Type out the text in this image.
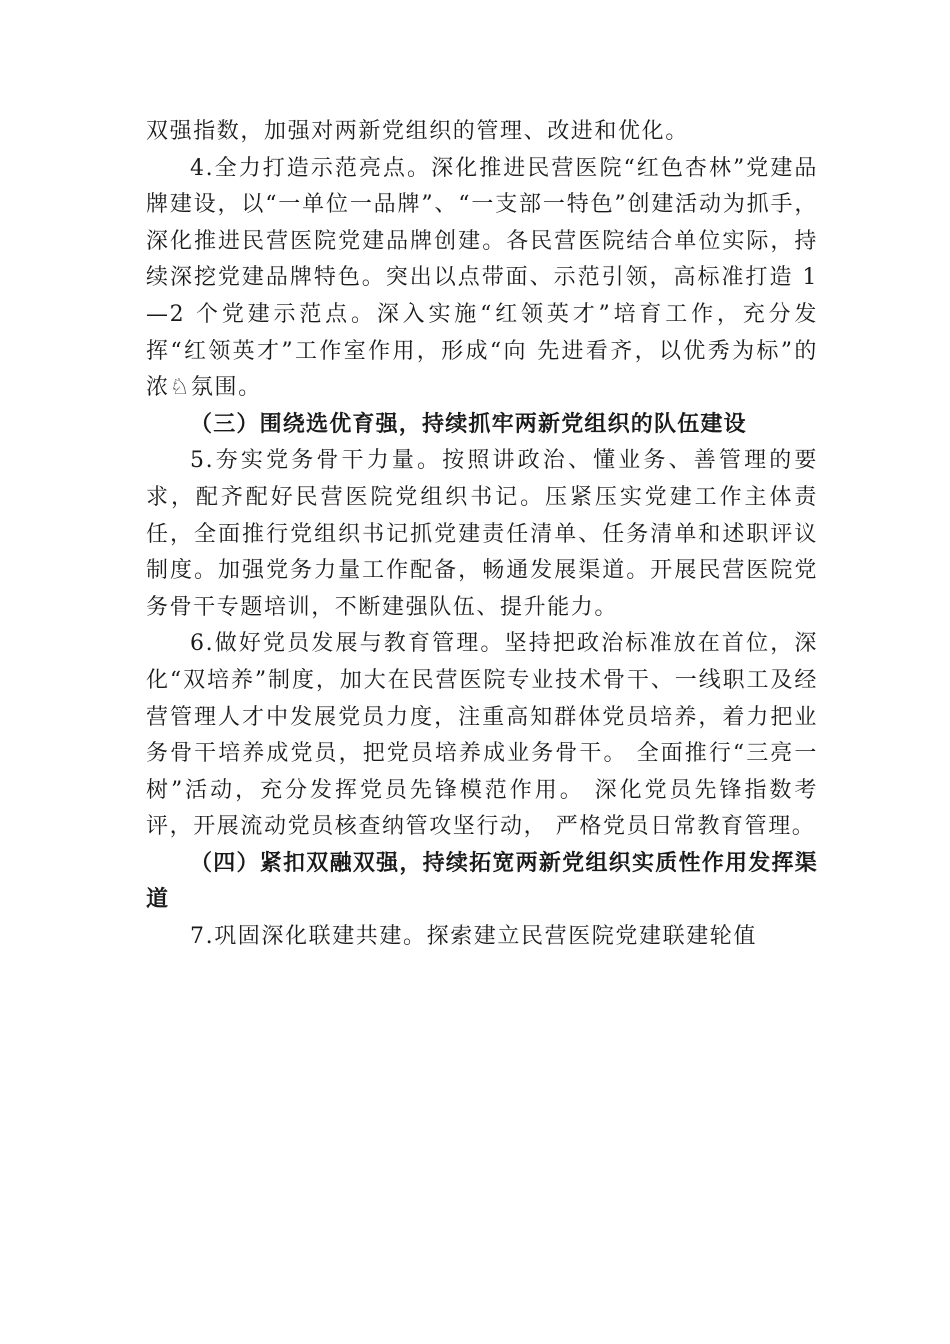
双强指数，加强对两新党组织的管理、改进和优化。

4.全力打造示范亮点。深化推进民营医院“红色杏林”党建品牌建设，以“一单位一品牌”、“一支部一特色”创建活动为抓手，深化推进民营医院党建品牌创建。各民营医院结合单位实际，持续深挖党建品牌特色。突出以点带面、示范引领，高标准打造 1—2 个党建示范点。深入实施“红领英才”培育工作，充分发挥“红领英才”工作室作用，形成“向 先进看齐，以优秀为标”的浓♘氛围。

（三）围绕选优育强，持续抓牢两新党组织的队伍建设

5.夯实党务骨干力量。按照讲政治、懂业务、善管理的要求，配齐配好民营医院党组织书记。压紧压实党建工作主体责任，全面推行党组织书记抓党建责任清单、任务清单和述职评议制度。加强党务力量工作配备，畅通发展渠道。开展民营医院党务骨干专题培训，不断建强队伍、提升能力。

6.做好党员发展与教育管理。坚持把政治标准放在首位，深化“双培养”制度，加大在民营医院专业技术骨干、一线职工及经营管理人才中发展党员力度，注重高知群体党员培养，着力把业务骨干培养成党员，把党员培养成业务骨干。 全面推行“三亮一树”活动，充分发挥党员先锋模范作用。 深化党员先锋指数考评，开展流动党员核查纳管攻坚行动， 严格党员日常教育管理。

（四）紧扣双融双强，持续拓宽两新党组织实质性作用发挥渠道

7.巩固深化联建共建。探索建立民营医院党建联建轮值
